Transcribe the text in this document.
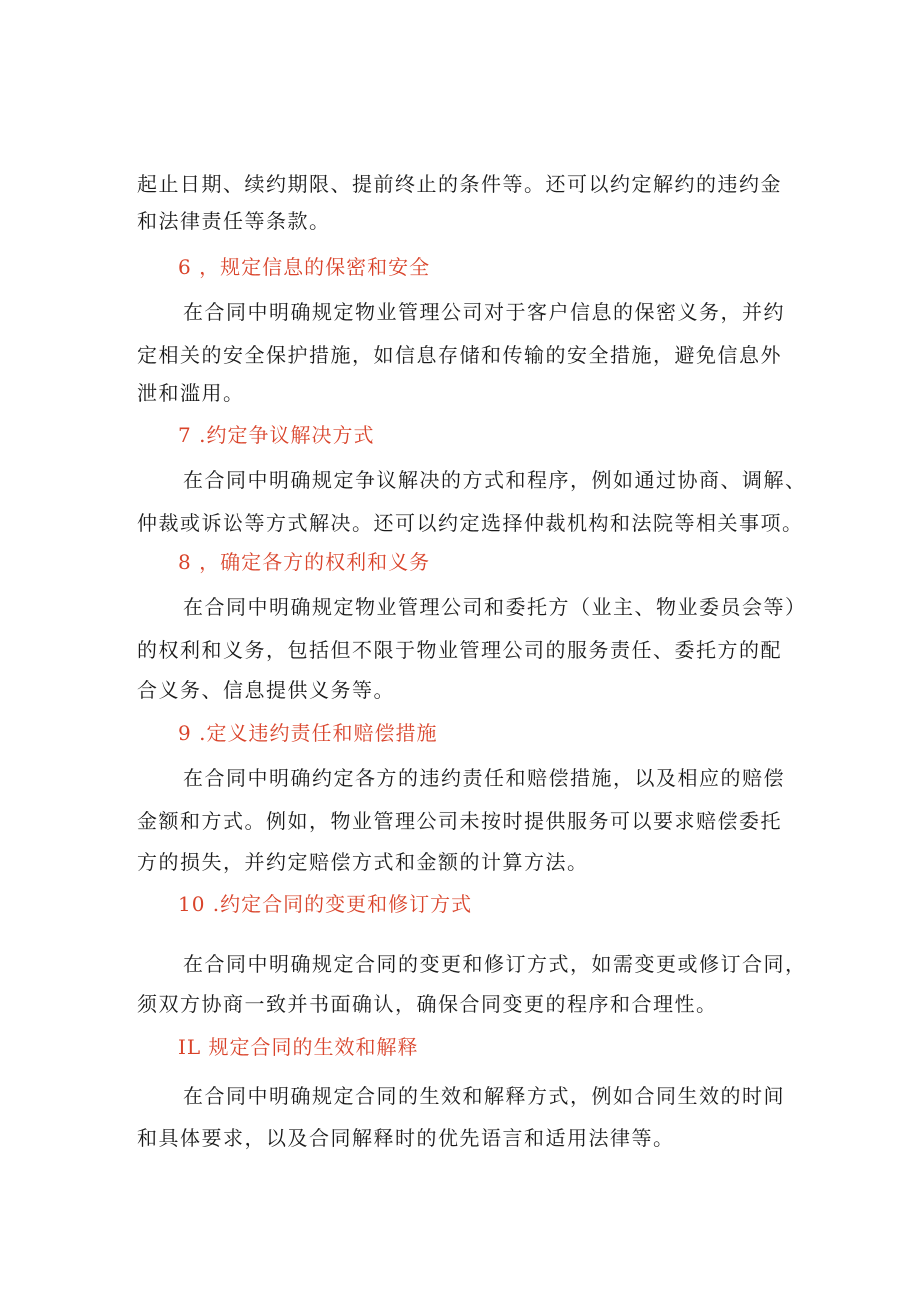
起止日期、续约期限、提前终止的条件等。还可以约定解约的违约金

和法律责任等条款。

6 ，规定信息的保密和安全

在合同中明确规定物业管理公司对于客户信息的保密义务，并约

定相关的安全保护措施，如信息存储和传输的安全措施，避免信息外

泄和滥用。

7 .约定争议解决方式

在合同中明确规定争议解决的方式和程序，例如通过协商、调解、

仲裁或诉讼等方式解决。还可以约定选择仲裁机构和法院等相关事项。

8 ，确定各方的权利和义务

在合同中明确规定物业管理公司和委托方（业主、物业委员会等）

的权利和义务，包括但不限于物业管理公司的服务责任、委托方的配

合义务、信息提供义务等。

9 .定义违约责任和赔偿措施

在合同中明确约定各方的违约责任和赔偿措施，以及相应的赔偿

金额和方式。例如，物业管理公司未按时提供服务可以要求赔偿委托

方的损失，并约定赔偿方式和金额的计算方法。

10 .约定合同的变更和修订方式

在合同中明确规定合同的变更和修订方式，如需变更或修订合同，

须双方协商一致并书面确认，确保合同变更的程序和合理性。

IL 规定合同的生效和解释

在合同中明确规定合同的生效和解释方式，例如合同生效的时间

和具体要求，以及合同解释时的优先语言和适用法律等。
